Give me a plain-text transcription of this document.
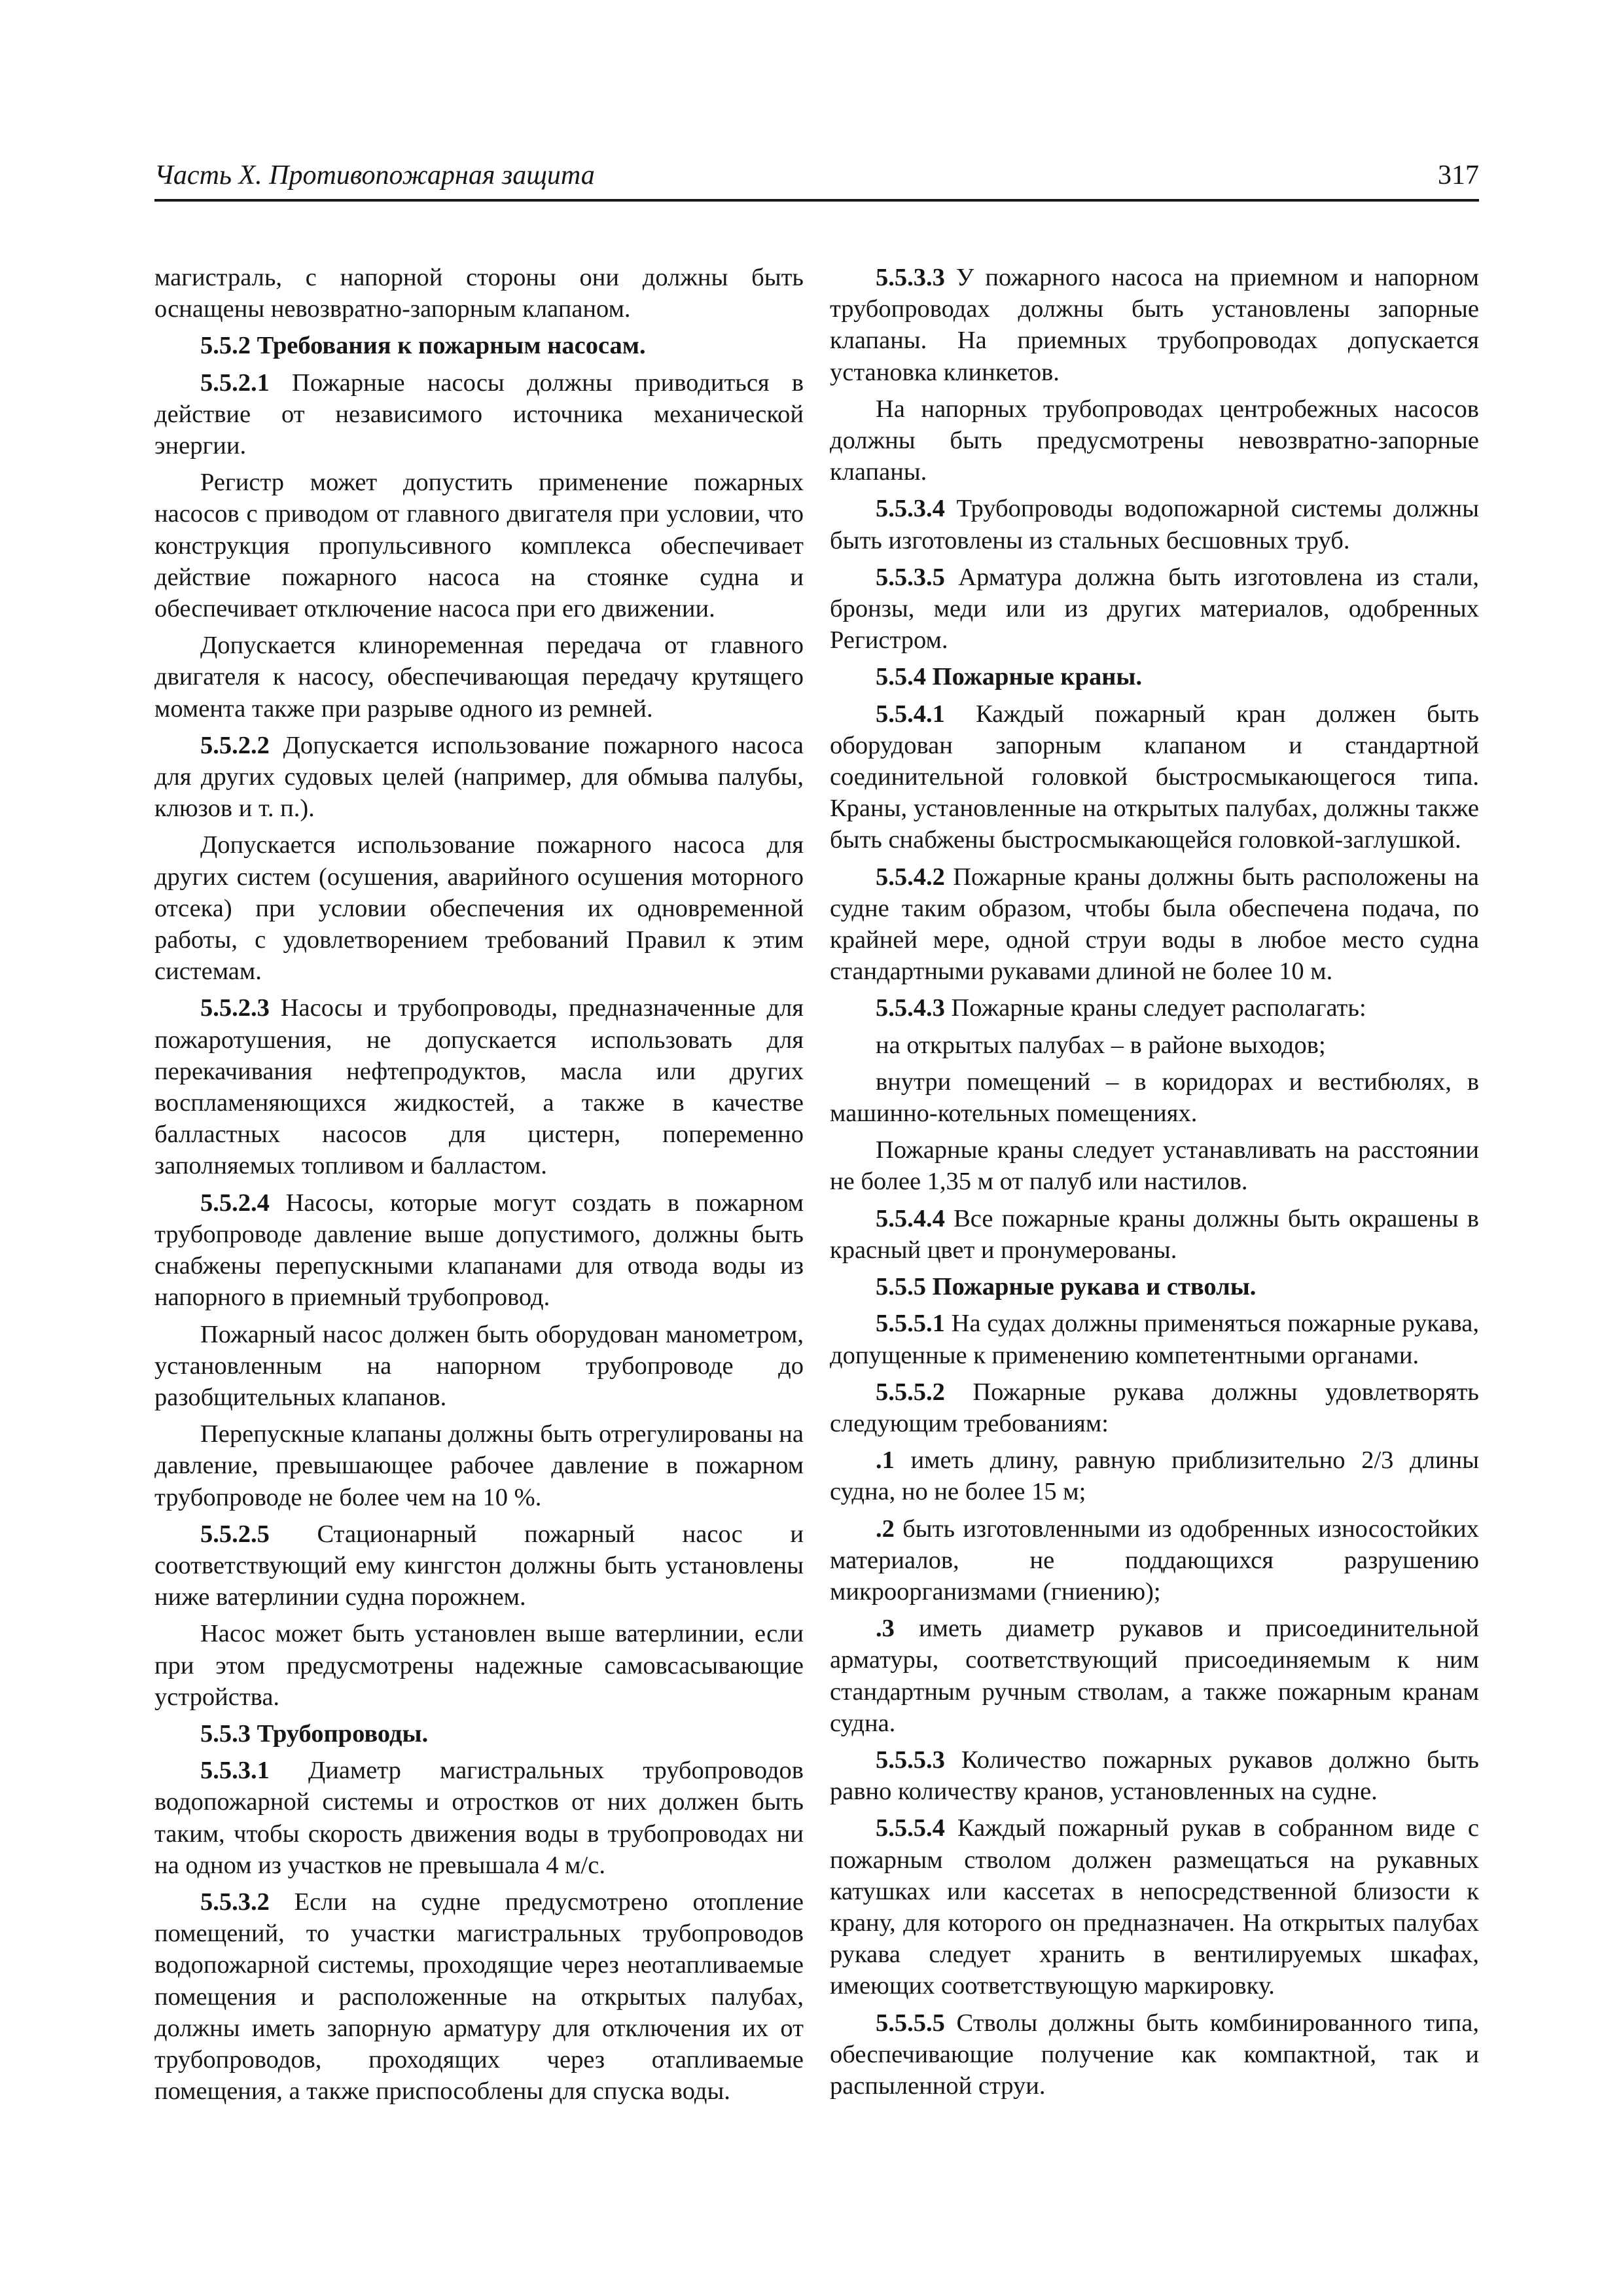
Часть X. Противопожарная защита	317

магистраль, с напорной стороны они должны быть оснащены невозвратно-запорным клапаном.

5.5.2 Требования к пожарным насосам.

5.5.2.1 Пожарные насосы должны приводиться в действие от независимого источника механической энергии.

Регистр может допустить применение пожарных насосов с приводом от главного двигателя при условии, что конструкция пропульсивного комплекса обеспечивает действие пожарного насоса на стоянке судна и обеспечивает отключение насоса при его движении.

Допускается клиноременная передача от главного двигателя к насосу, обеспечивающая передачу крутящего момента также при разрыве одного из ремней.

5.5.2.2 Допускается использование пожарного насоса для других судовых целей (например, для обмыва палубы, клюзов и т. п.).

Допускается использование пожарного насоса для других систем (осушения, аварийного осушения моторного отсека) при условии обеспечения их одновременной работы, с удовлетворением требований Правил к этим системам.

5.5.2.3 Насосы и трубопроводы, предназначенные для пожаротушения, не допускается использовать для перекачивания нефтепродуктов, масла или других воспламеняющихся жидкостей, а также в качестве балластных насосов для цистерн, попеременно заполняемых топливом и балластом.

5.5.2.4 Насосы, которые могут создать в пожарном трубопроводе давление выше допустимого, должны быть снабжены перепускными клапанами для отвода воды из напорного в приемный трубопровод.

Пожарный насос должен быть оборудован манометром, установленным на напорном трубопроводе до разобщительных клапанов.

Перепускные клапаны должны быть отрегулированы на давление, превышающее рабочее давление в пожарном трубопроводе не более чем на 10 %.

5.5.2.5 Стационарный пожарный насос и соответствующий ему кингстон должны быть установлены ниже ватерлинии судна порожнем.

Насос может быть установлен выше ватерлинии, если при этом предусмотрены надежные самовсасывающие устройства.

5.5.3 Трубопроводы.

5.5.3.1 Диаметр магистральных трубопроводов водопожарной системы и отростков от них должен быть таким, чтобы скорость движения воды в трубопроводах ни на одном из участков не превышала 4 м/с.

5.5.3.2 Если на судне предусмотрено отопление помещений, то участки магистральных трубопроводов водопожарной системы, проходящие через неотапливаемые помещения и расположенные на открытых палубах, должны иметь запорную арматуру для отключения их от трубопроводов, проходящих через отапливаемые помещения, а также приспособлены для спуска воды.

5.5.3.3 У пожарного насоса на приемном и напорном трубопроводах должны быть установлены запорные клапаны. На приемных трубопроводах допускается установка клинкетов.

На напорных трубопроводах центробежных насосов должны быть предусмотрены невозвратно-запорные клапаны.

5.5.3.4 Трубопроводы водопожарной системы должны быть изготовлены из стальных бесшовных труб.

5.5.3.5 Арматура должна быть изготовлена из стали, бронзы, меди или из других материалов, одобренных Регистром.

5.5.4 Пожарные краны.

5.5.4.1 Каждый пожарный кран должен быть оборудован запорным клапаном и стандартной соединительной головкой быстросмыкающегося типа. Краны, установленные на открытых палубах, должны также быть снабжены быстросмыкающейся головкой-заглушкой.

5.5.4.2 Пожарные краны должны быть расположены на судне таким образом, чтобы была обеспечена подача, по крайней мере, одной струи воды в любое место судна стандартными рукавами длиной не более 10 м.

5.5.4.3 Пожарные краны следует располагать:

на открытых палубах – в районе выходов;

внутри помещений – в коридорах и вестибюлях, в машинно-котельных помещениях.

Пожарные краны следует устанавливать на расстоянии не более 1,35 м от палуб или настилов.

5.5.4.4 Все пожарные краны должны быть окрашены в красный цвет и пронумерованы.

5.5.5 Пожарные рукава и стволы.

5.5.5.1 На судах должны применяться пожарные рукава, допущенные к применению компетентными органами.

5.5.5.2 Пожарные рукава должны удовлетворять следующим требованиям:

.1 иметь длину, равную приблизительно 2/3 длины судна, но не более 15 м;

.2 быть изготовленными из одобренных износостойких материалов, не поддающихся разрушению микроорганизмами (гниению);

.3 иметь диаметр рукавов и присоединительной арматуры, соответствующий присоединяемым к ним стандартным ручным стволам, а также пожарным кранам судна.

5.5.5.3 Количество пожарных рукавов должно быть равно количеству кранов, установленных на судне.

5.5.5.4 Каждый пожарный рукав в собранном виде с пожарным стволом должен размещаться на рукавных катушках или кассетах в непосредственной близости к крану, для которого он предназначен. На открытых палубах рукава следует хранить в вентилируемых шкафах, имеющих соответствующую маркировку.

5.5.5.5 Стволы должны быть комбинированного типа, обеспечивающие получение как компактной, так и распыленной струи.
